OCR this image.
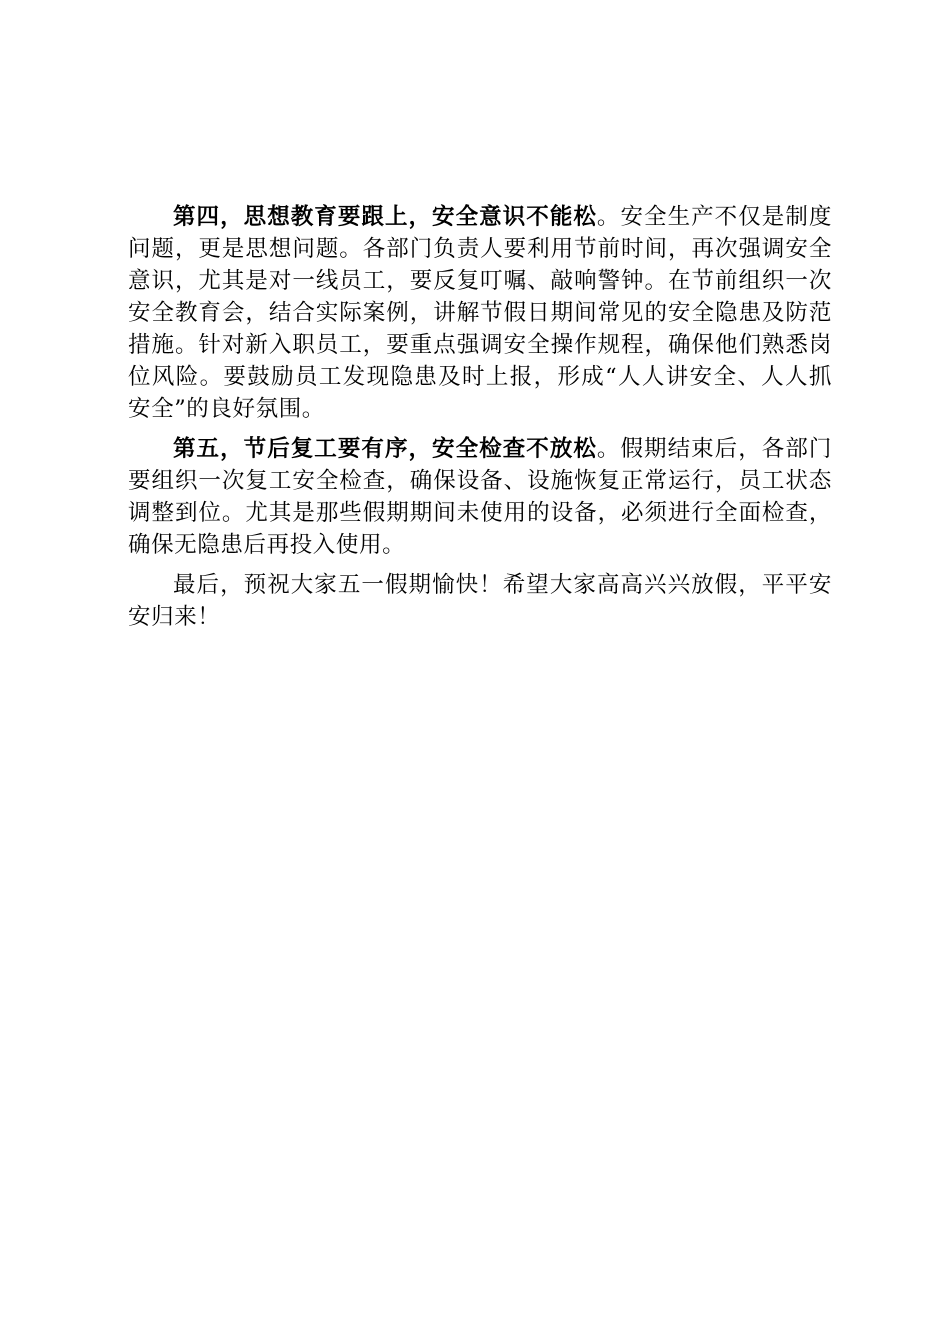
第四，思想教育要跟上，安全意识不能松。安全生产不仅是制度问题，更是思想问题。各部门负责人要利用节前时间，再次强调安全意识，尤其是对一线员工，要反复叮嘱、敲响警钟。在节前组织一次安全教育会，结合实际案例，讲解节假日期间常见的安全隐患及防范措施。针对新入职员工，要重点强调安全操作规程，确保他们熟悉岗位风险。要鼓励员工发现隐患及时上报，形成“人人讲安全、人人抓安全”的良好氛围。

第五，节后复工要有序，安全检查不放松。假期结束后，各部门要组织一次复工安全检查，确保设备、设施恢复正常运行，员工状态调整到位。尤其是那些假期期间未使用的设备，必须进行全面检查，确保无隐患后再投入使用。

最后，预祝大家五一假期愉快！希望大家高高兴兴放假，平平安安归来！
